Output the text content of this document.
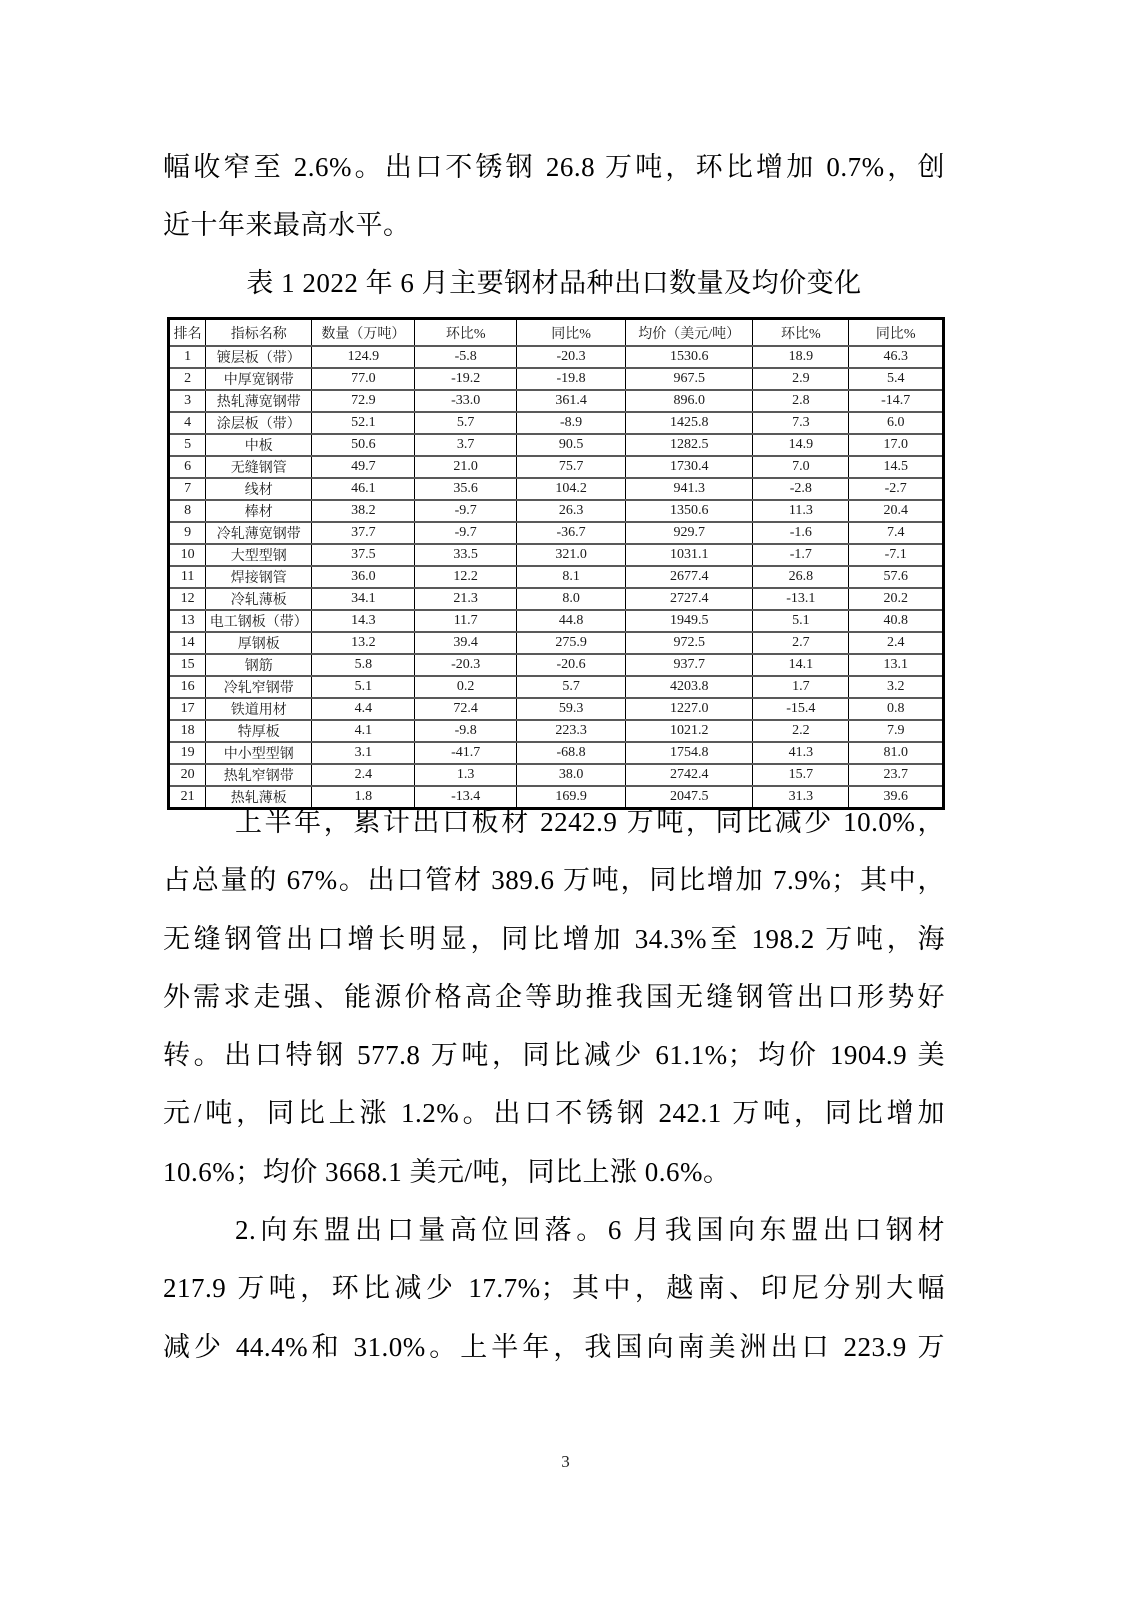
幅收窄至 2.6%。出口不锈钢 26.8 万吨，环比增加 0.7%，创
近十年来最高水平。
表 1 2022 年 6 月主要钢材品种出口数量及均价变化
排名	指标名称	数量（万吨）	环比%	同比%	均价（美元/吨）	环比%	同比%
1	镀层板（带）	124.9	-5.8	-20.3	1530.6	18.9	46.3
2	中厚宽钢带	77.0	-19.2	-19.8	967.5	2.9	5.4
3	热轧薄宽钢带	72.9	-33.0	361.4	896.0	2.8	-14.7
4	涂层板（带）	52.1	5.7	-8.9	1425.8	7.3	6.0
5	中板	50.6	3.7	90.5	1282.5	14.9	17.0
6	无缝钢管	49.7	21.0	75.7	1730.4	7.0	14.5
7	线材	46.1	35.6	104.2	941.3	-2.8	-2.7
8	棒材	38.2	-9.7	26.3	1350.6	11.3	20.4
9	冷轧薄宽钢带	37.7	-9.7	-36.7	929.7	-1.6	7.4
10	大型型钢	37.5	33.5	321.0	1031.1	-1.7	-7.1
11	焊接钢管	36.0	12.2	8.1	2677.4	26.8	57.6
12	冷轧薄板	34.1	21.3	8.0	2727.4	-13.1	20.2
13	电工钢板（带）	14.3	11.7	44.8	1949.5	5.1	40.8
14	厚钢板	13.2	39.4	275.9	972.5	2.7	2.4
15	钢筋	5.8	-20.3	-20.6	937.7	14.1	13.1
16	冷轧窄钢带	5.1	0.2	5.7	4203.8	1.7	3.2
17	铁道用材	4.4	72.4	59.3	1227.0	-15.4	0.8
18	特厚板	4.1	-9.8	223.3	1021.2	2.2	7.9
19	中小型型钢	3.1	-41.7	-68.8	1754.8	41.3	81.0
20	热轧窄钢带	2.4	1.3	38.0	2742.4	15.7	23.7
21	热轧薄板	1.8	-13.4	169.9	2047.5	31.3	39.6
上半年，累计出口板材 2242.9 万吨，同比减少 10.0%，
占总量的 67%。出口管材 389.6 万吨，同比增加 7.9%；其中，
无缝钢管出口增长明显，同比增加 34.3%至 198.2 万吨，海
外需求走强、能源价格高企等助推我国无缝钢管出口形势好
转。出口特钢 577.8 万吨，同比减少 61.1%；均价 1904.9 美
元/吨，同比上涨 1.2%。出口不锈钢 242.1 万吨，同比增加
10.6%；均价 3668.1 美元/吨，同比上涨 0.6%。
2.向东盟出口量高位回落。6 月我国向东盟出口钢材
217.9 万吨，环比减少 17.7%；其中，越南、印尼分别大幅
减少 44.4%和 31.0%。上半年，我国向南美洲出口 223.9 万
3
